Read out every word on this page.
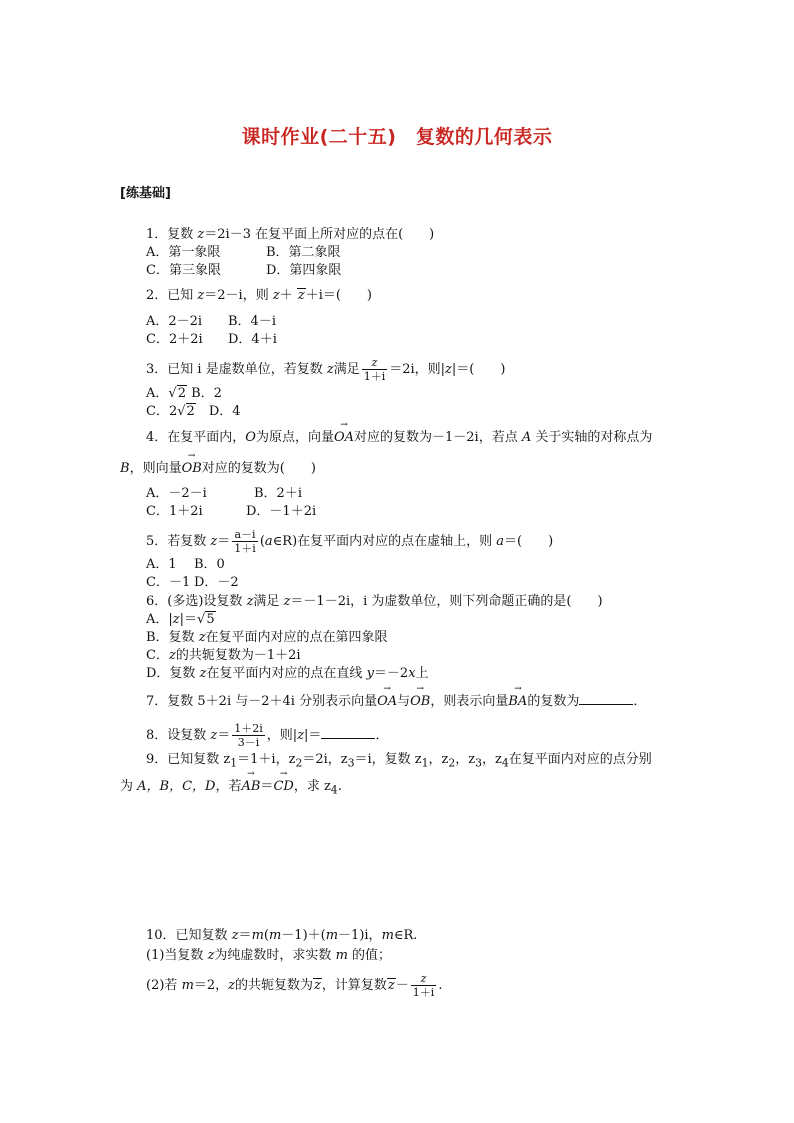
课时作业(二十五)　复数的几何表示
[练基础]
1．复数 z＝2i－3 在复平面上所对应的点在(　　)
A．第一象限	B．第二象限
C．第三象限	D．第四象限
2．已知 z＝2－i，则 z＋ z＋i＝(　　)
A．2－2i B．4－i
C．2＋2i D．4＋i
3．已知 i 是虚数单位，若复数 z满足 $\frac{z}{1+i} =2i$，则|z|＝(　　)
A．√2 B．2
C．2√2　 D．4
4．在复平面内，O为原点，向量→ OA对应的复数为－1－2i，若点 A 关于实轴的对称点为
B，则向量→ OB对应的复数为(　　)
A．－2－i	B．2＋i
C．1＋2i	D．－1＋2i
5．若复数 $z= \frac{a-i}{1+i}$ (a∈R)在复平面内对应的点在虚轴上，则 a＝(　　)
A．1 B．0
C．－1 D．－2
6．(多选)设复数 z满足 z＝－1－2i，i 为虚数单位，则下列命题正确的是(　　)
A．|z|＝√5
B．复数 z在复平面内对应的点在第四象限
C．z的共轭复数为－1＋2i
D．复数 z在复平面内对应的点在直线 y＝－2x上
7．复数 5＋2i 与－2＋4i 分别表示向量→ OA与→ OB，则表示向量→ BA的复数为	．
8．设复数 $z= \frac{1+2i}{3-i}$ ，则|z|＝	．
9．已知复数 $z_1=1+i$，$z_2=2i$，$z_3=i$，复数 $z_1$，$z_2$，$z_3$，$z_4$在复平面内对应的点分别
为 A，B，C，D，若→ AB＝→ CD，求 $z_4$.
10．已知复数 z＝m(m－1)＋(m－1)i，m∈R.
(1)当复数 z为纯虚数时，求实数 m 的值；
(2)若 m＝2，z的共轭复数为z，计算复数$z- \frac{z}{1+i}$ .
